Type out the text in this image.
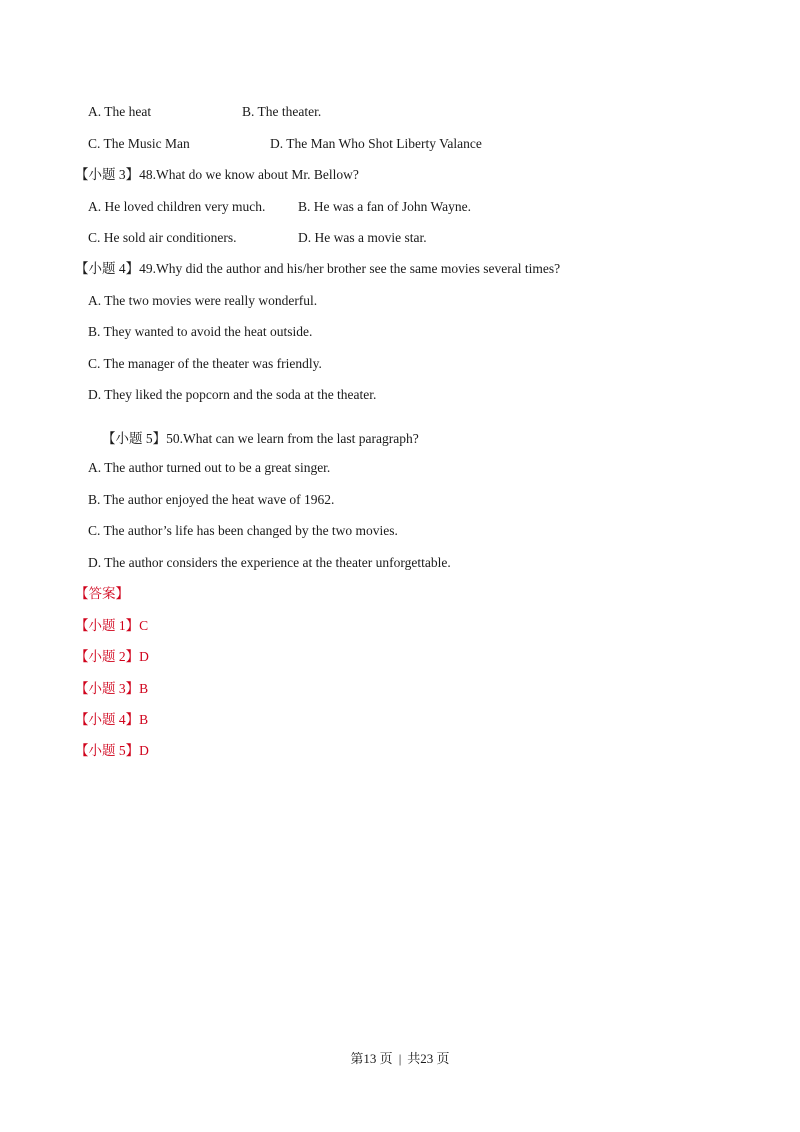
A. The heat	B. The theater.
C. The Music Man	D. The Man Who Shot Liberty Valance
【小题 3】48.What do we know about Mr. Bellow?
A. He loved children very much. B. He was a fan of John Wayne.
C. He sold air conditioners.	D. He was a movie star.
【小题 4】49.Why did the author and his/her brother see the same movies several times?
A. The two movies were really wonderful.
B. They wanted to avoid the heat outside.
C. The manager of the theater was friendly.
D. They liked the popcorn and the soda at the theater.
【小题 5】50.What can we learn from the last paragraph?
A. The author turned out to be a great singer.
B. The author enjoyed the heat wave of 1962.
C. The author’s life has been changed by the two movies.
D. The author considers the experience at the theater unforgettable.
【答案】
【小题 1】C
【小题 2】D
【小题 3】B
【小题 4】B
【小题 5】D
第13 页 | 共23 页
